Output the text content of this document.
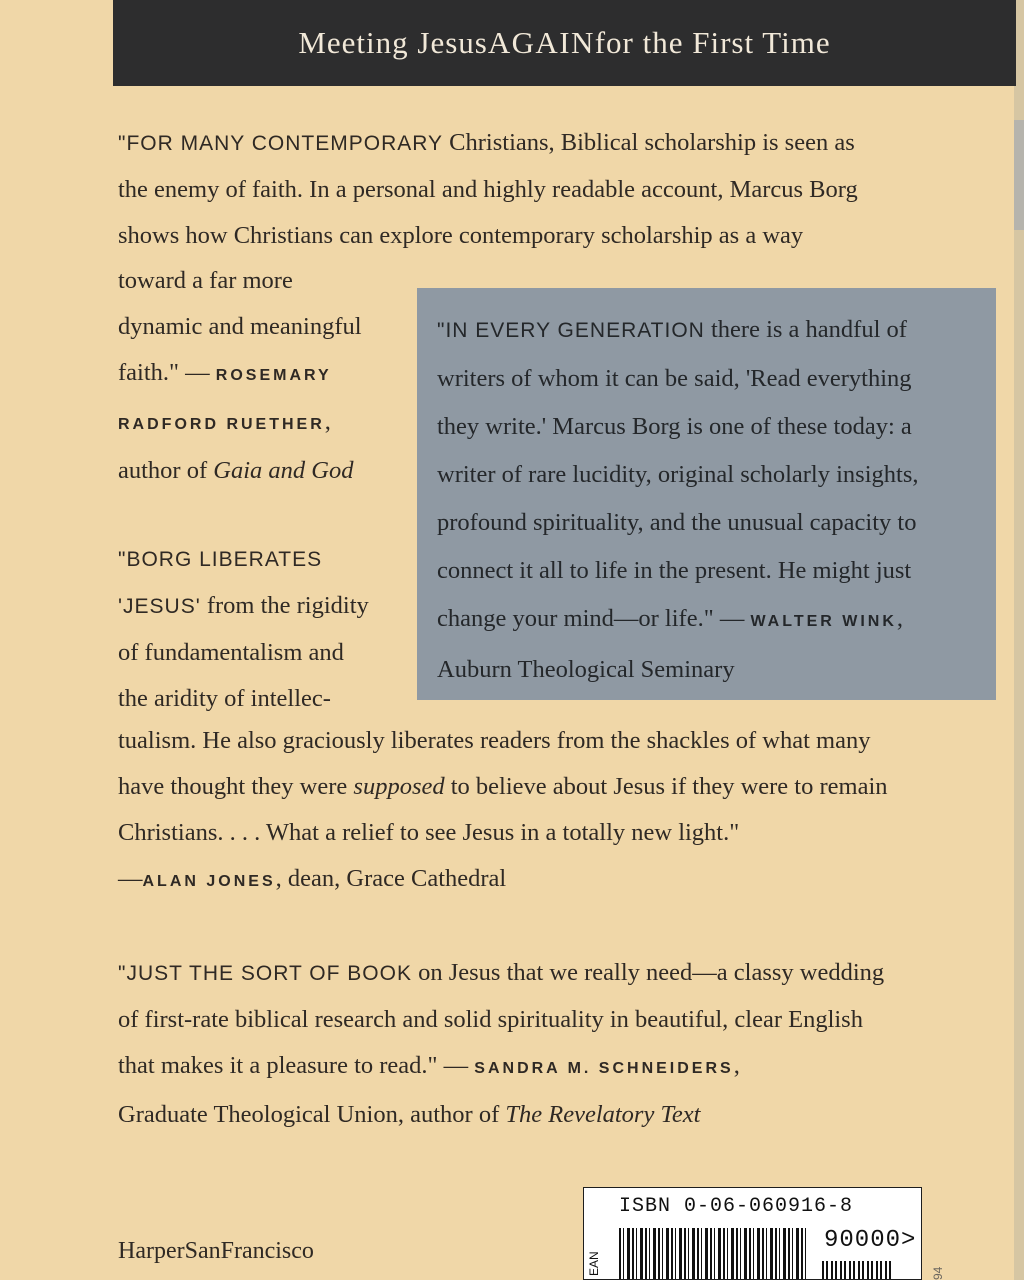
Meeting Jesus AGAIN for the First Time
"FOR MANY CONTEMPORARY Christians, Biblical scholarship is seen as
the enemy of faith. In a personal and highly readable account, Marcus Borg
shows how Christians can explore contemporary scholarship as a way
toward a far more
dynamic and meaningful
faith." — ROSEMARY
RADFORD RUETHER,
author of Gaia and God
"IN EVERY GENERATION there is a handful of
writers of whom it can be said, 'Read everything
they write.' Marcus Borg is one of these today: a
writer of rare lucidity, original scholarly insights,
profound spirituality, and the unusual capacity to
connect it all to life in the present. He might just
change your mind—or life." — WALTER WINK,
Auburn Theological Seminary
"BORG LIBERATES
'JESUS' from the rigidity
of fundamentalism and
the aridity of intellec-
tualism. He also graciously liberates readers from the shackles of what many
have thought they were supposed to believe about Jesus if they were to remain
Christians. . . . What a relief to see Jesus in a totally new light."
—ALAN JONES, dean, Grace Cathedral
"JUST THE SORT OF BOOK on Jesus that we really need—a classy wedding
of first-rate biblical research and solid spirituality in beautiful, clear English
that makes it a pleasure to read." — SANDRA M. SCHNEIDERS,
Graduate Theological Union, author of The Revelatory Text
HarperSanFrancisco
ISBN 0-06-060916-8
EAN
90000>
94
